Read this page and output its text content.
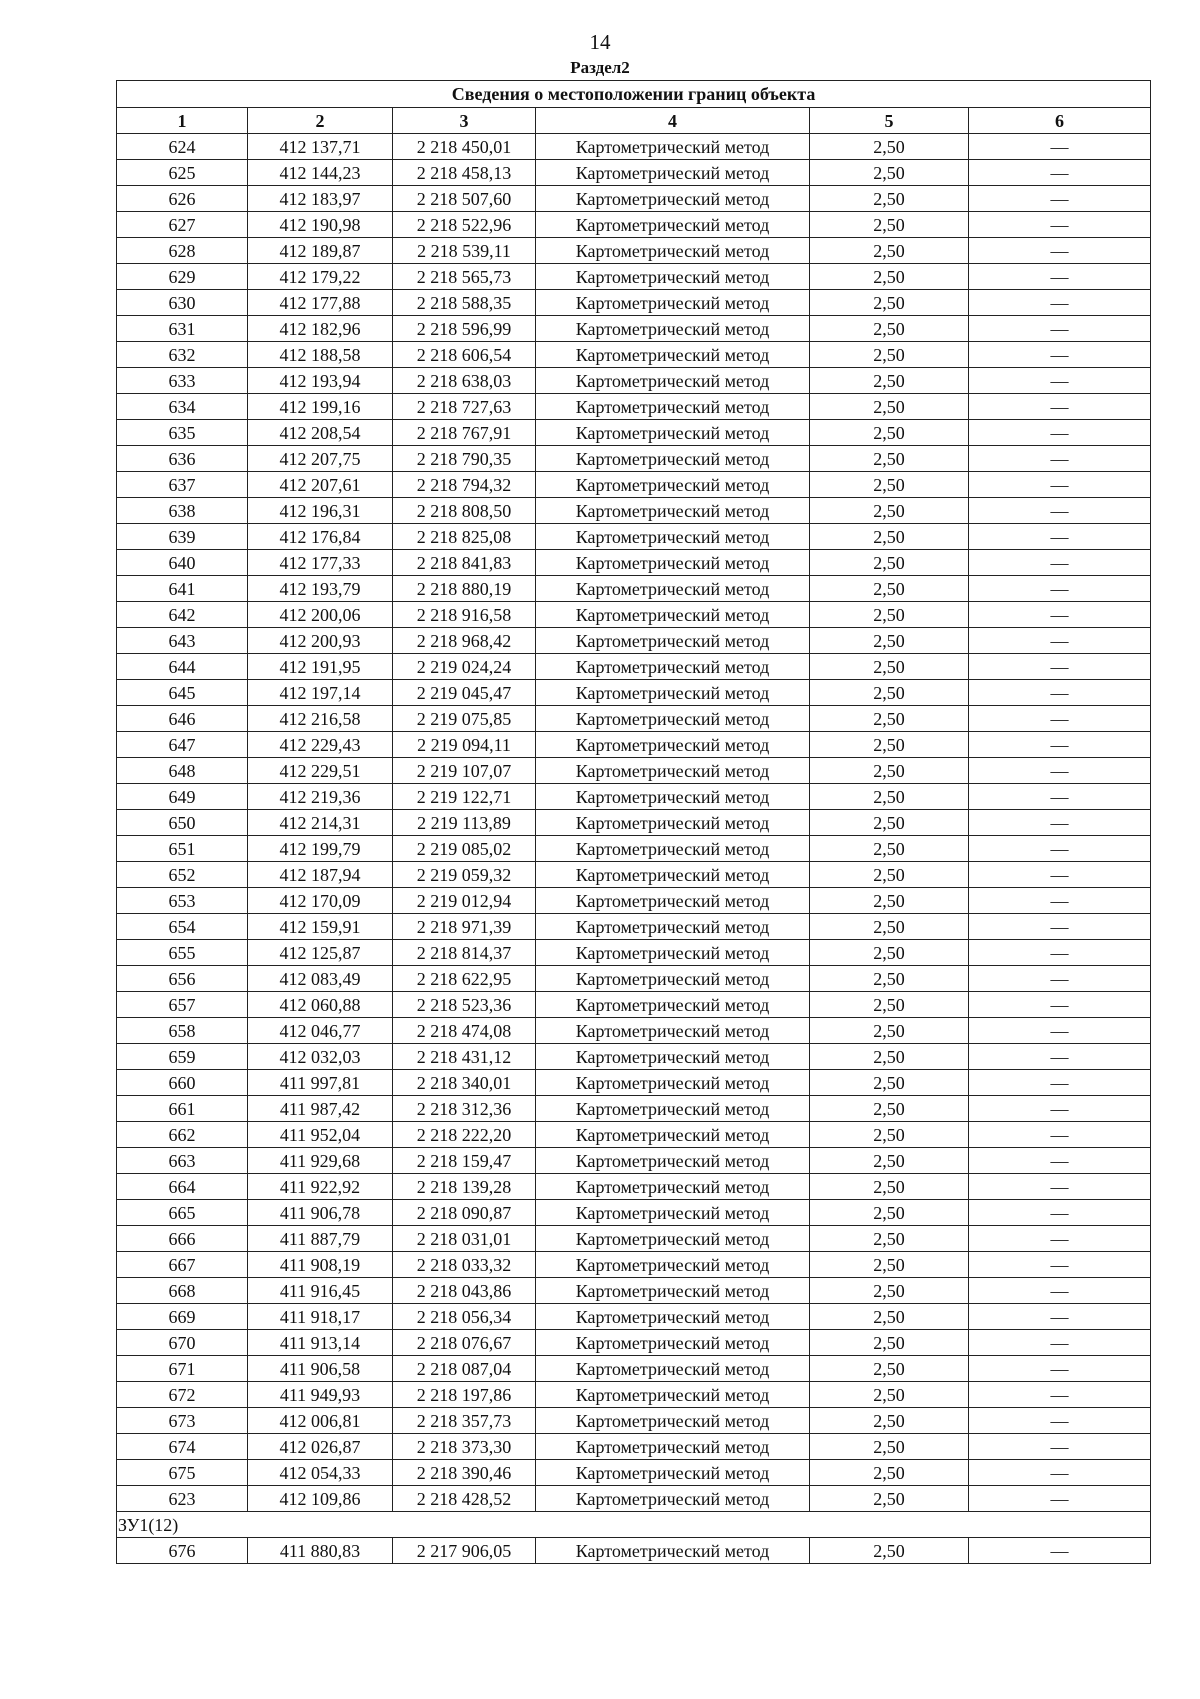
14
Раздел2
Сведения о местоположении границ объекта					
1	2	3	4	5	6
624	412 137,71	2 218 450,01	Картометрический метод	2,50	—
625	412 144,23	2 218 458,13	Картометрический метод	2,50	—
626	412 183,97	2 218 507,60	Картометрический метод	2,50	—
627	412 190,98	2 218 522,96	Картометрический метод	2,50	—
628	412 189,87	2 218 539,11	Картометрический метод	2,50	—
629	412 179,22	2 218 565,73	Картометрический метод	2,50	—
630	412 177,88	2 218 588,35	Картометрический метод	2,50	—
631	412 182,96	2 218 596,99	Картометрический метод	2,50	—
632	412 188,58	2 218 606,54	Картометрический метод	2,50	—
633	412 193,94	2 218 638,03	Картометрический метод	2,50	—
634	412 199,16	2 218 727,63	Картометрический метод	2,50	—
635	412 208,54	2 218 767,91	Картометрический метод	2,50	—
636	412 207,75	2 218 790,35	Картометрический метод	2,50	—
637	412 207,61	2 218 794,32	Картометрический метод	2,50	—
638	412 196,31	2 218 808,50	Картометрический метод	2,50	—
639	412 176,84	2 218 825,08	Картометрический метод	2,50	—
640	412 177,33	2 218 841,83	Картометрический метод	2,50	—
641	412 193,79	2 218 880,19	Картометрический метод	2,50	—
642	412 200,06	2 218 916,58	Картометрический метод	2,50	—
643	412 200,93	2 218 968,42	Картометрический метод	2,50	—
644	412 191,95	2 219 024,24	Картометрический метод	2,50	—
645	412 197,14	2 219 045,47	Картометрический метод	2,50	—
646	412 216,58	2 219 075,85	Картометрический метод	2,50	—
647	412 229,43	2 219 094,11	Картометрический метод	2,50	—
648	412 229,51	2 219 107,07	Картометрический метод	2,50	—
649	412 219,36	2 219 122,71	Картометрический метод	2,50	—
650	412 214,31	2 219 113,89	Картометрический метод	2,50	—
651	412 199,79	2 219 085,02	Картометрический метод	2,50	—
652	412 187,94	2 219 059,32	Картометрический метод	2,50	—
653	412 170,09	2 219 012,94	Картометрический метод	2,50	—
654	412 159,91	2 218 971,39	Картометрический метод	2,50	—
655	412 125,87	2 218 814,37	Картометрический метод	2,50	—
656	412 083,49	2 218 622,95	Картометрический метод	2,50	—
657	412 060,88	2 218 523,36	Картометрический метод	2,50	—
658	412 046,77	2 218 474,08	Картометрический метод	2,50	—
659	412 032,03	2 218 431,12	Картометрический метод	2,50	—
660	411 997,81	2 218 340,01	Картометрический метод	2,50	—
661	411 987,42	2 218 312,36	Картометрический метод	2,50	—
662	411 952,04	2 218 222,20	Картометрический метод	2,50	—
663	411 929,68	2 218 159,47	Картометрический метод	2,50	—
664	411 922,92	2 218 139,28	Картометрический метод	2,50	—
665	411 906,78	2 218 090,87	Картометрический метод	2,50	—
666	411 887,79	2 218 031,01	Картометрический метод	2,50	—
667	411 908,19	2 218 033,32	Картометрический метод	2,50	—
668	411 916,45	2 218 043,86	Картометрический метод	2,50	—
669	411 918,17	2 218 056,34	Картометрический метод	2,50	—
670	411 913,14	2 218 076,67	Картометрический метод	2,50	—
671	411 906,58	2 218 087,04	Картометрический метод	2,50	—
672	411 949,93	2 218 197,86	Картометрический метод	2,50	—
673	412 006,81	2 218 357,73	Картометрический метод	2,50	—
674	412 026,87	2 218 373,30	Картометрический метод	2,50	—
675	412 054,33	2 218 390,46	Картометрический метод	2,50	—
623	412 109,86	2 218 428,52	Картометрический метод	2,50	—
ЗУ1(12)					
676	411 880,83	2 217 906,05	Картометрический метод	2,50	—
